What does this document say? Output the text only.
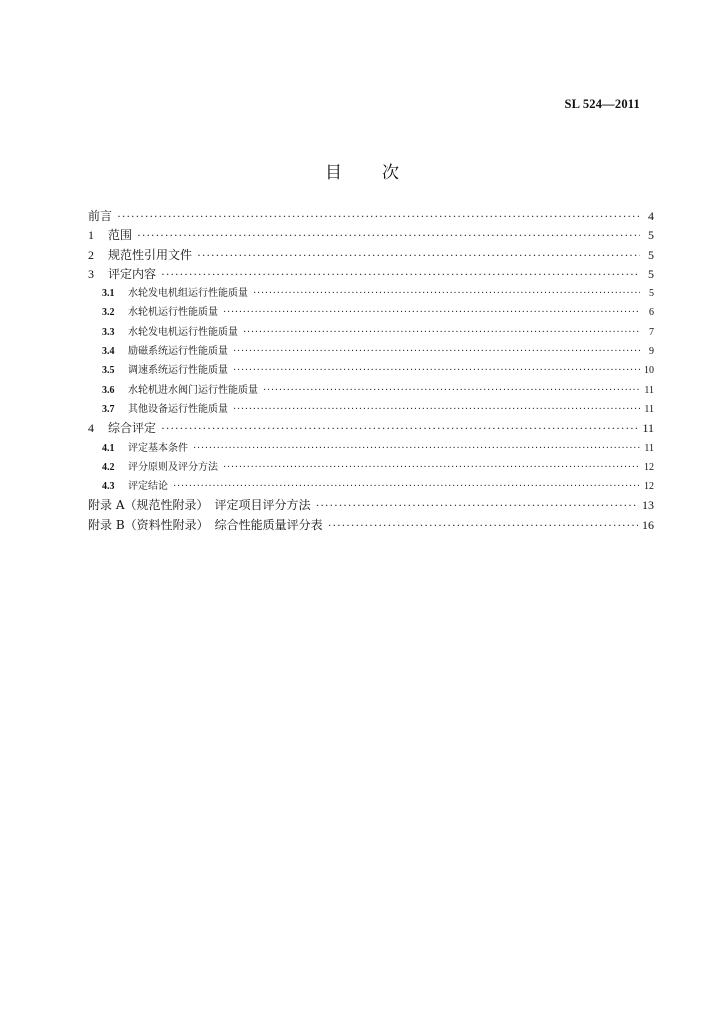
SL 524—2011
目次
前言 ·····	4
1	范围 ·····	5
2	规范性引用文件 ·····	5
3	评定内容 ·····	5
3.1	水轮发电机组运行性能质量 ·····	5
3.2	水轮机运行性能质量 ·····	6
3.3	水轮发电机运行性能质量 ·····	7
3.4	励磁系统运行性能质量 ·····	9
3.5	调速系统运行性能质量 ·····	10
3.6	水轮机进水阀门运行性能质量 ·····	11
3.7	其他设备运行性能质量 ·····	11
4	综合评定 ·····	11
4.1	评定基本条件 ·····	11
4.2	评分原则及评分方法 ·····	12
4.3	评定结论 ·····	12
附录 A（规范性附录）　评定项目评分方法 ·····	13
附录 B（资料性附录）　综合性能质量评分表 ·····	16
